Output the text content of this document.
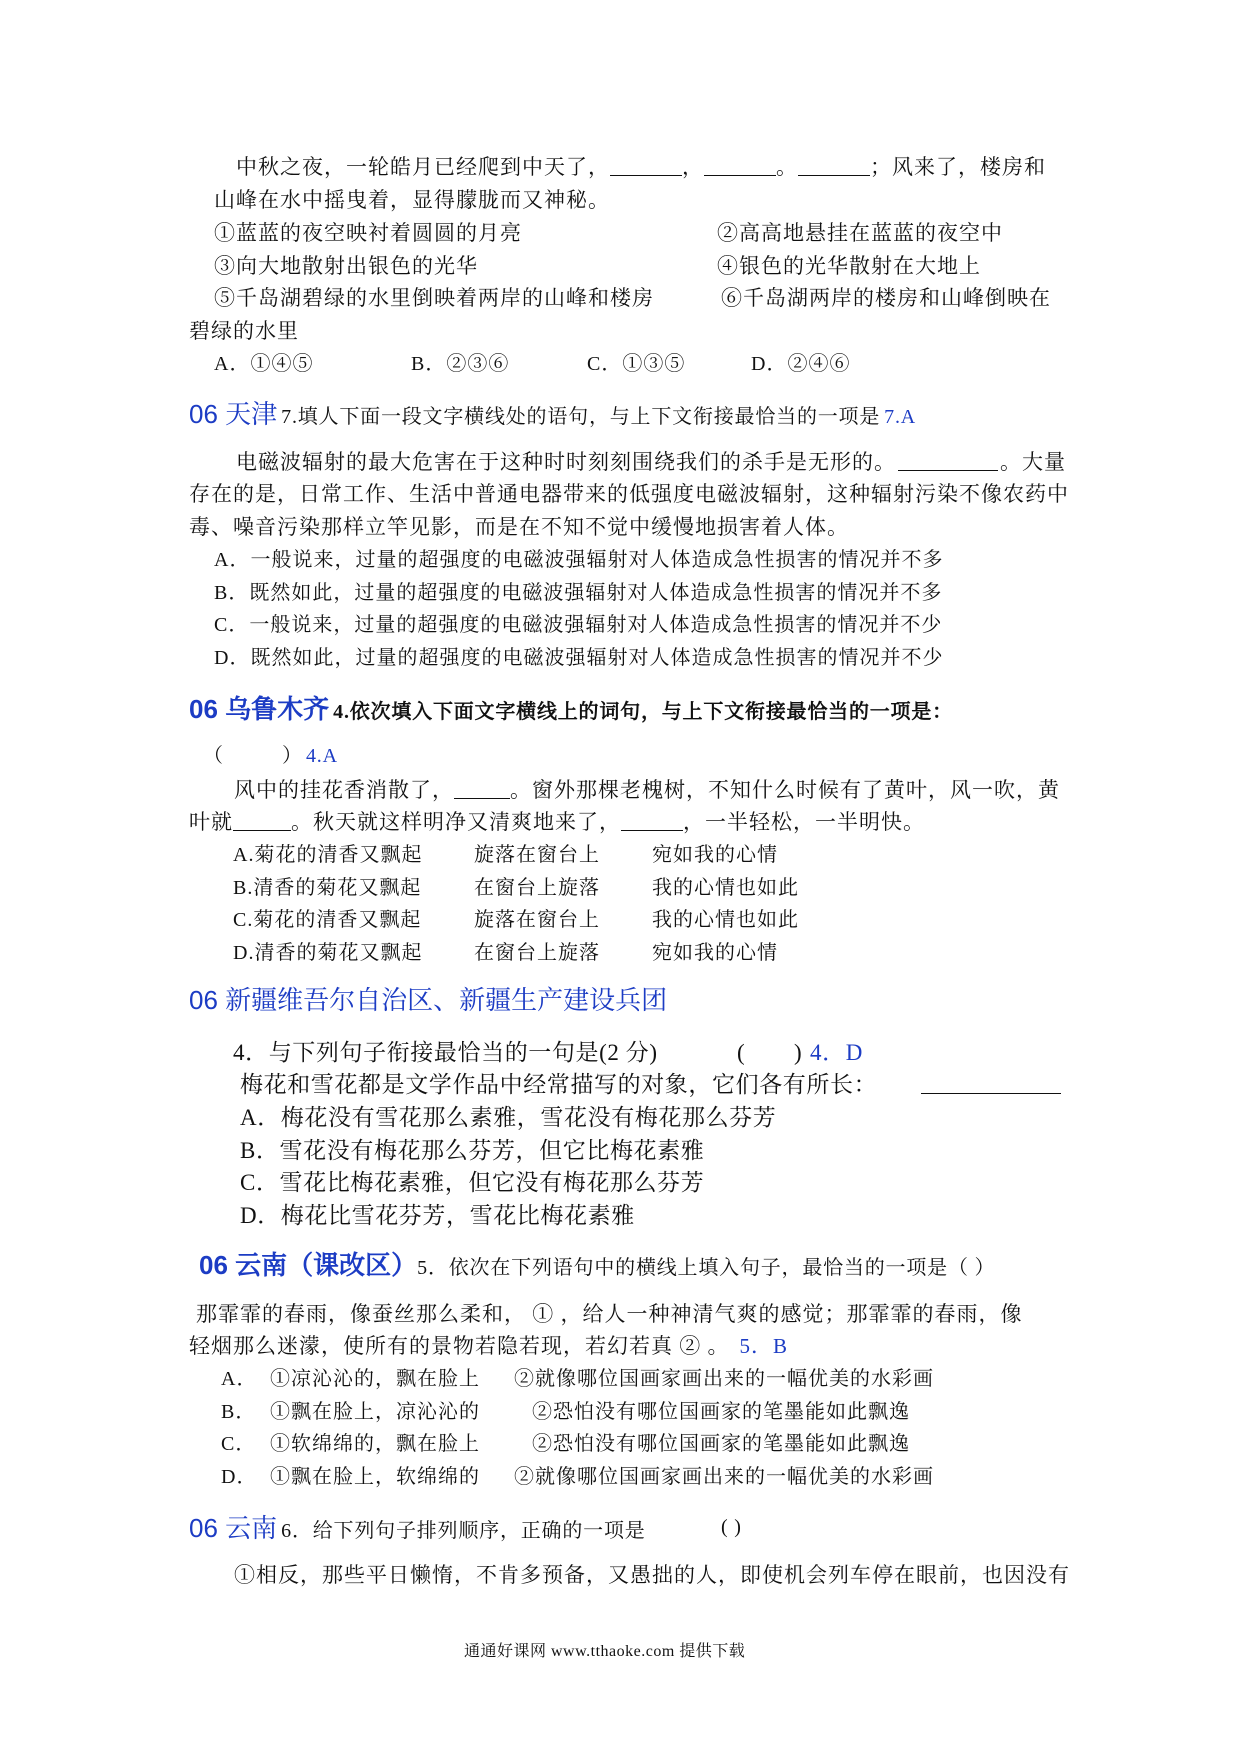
中秋之夜，一轮皓月已经爬到中天了，	，	。	；风来了，楼房和
山峰在水中摇曳着，显得朦胧而又神秘。
①蓝蓝的夜空映衬着圆圆的月亮	②高高地悬挂在蓝蓝的夜空中
③向大地散射出银色的光华	④银色的光华散射在大地上
⑤千岛湖碧绿的水里倒映着两岸的山峰和楼房	⑥千岛湖两岸的楼房和山峰倒映在
碧绿的水里
A．①④⑤	B．②③⑥	C．①③⑤	D．②④⑥
06 天津 7.填人下面一段文字横线处的语句，与上下文衔接最恰当的一项是 7.A
电磁波辐射的最大危害在于这种时时刻刻围绕我们的杀手是无形的。	。大量
存在的是，日常工作、生活中普通电器带来的低强度电磁波辐射，这种辐射污染不像农药中
毒、噪音污染那样立竿见影，而是在不知不觉中缓慢地损害着人体。
A．一般说来，过量的超强度的电磁波强辐射对人体造成急性损害的情况并不多
B．既然如此，过量的超强度的电磁波强辐射对人体造成急性损害的情况并不多
C．一般说来，过量的超强度的电磁波强辐射对人体造成急性损害的情况并不少
D．既然如此，过量的超强度的电磁波强辐射对人体造成急性损害的情况并不少
06 乌鲁木齐 4.依次填入下面文字横线上的词句，与上下文衔接最恰当的一项是：
（	） 4.A
风中的挂花香消散了，	。窗外那棵老槐树，不知什么时候有了黄叶，风一吹，黄
叶就	。秋天就这样明净又清爽地来了，	，一半轻松，一半明快。
A.菊花的清香又飘起	旋落在窗台上	宛如我的心情
B.清香的菊花又飘起	在窗台上旋落	我的心情也如此
C.菊花的清香又飘起	旋落在窗台上	我的心情也如此
D.清香的菊花又飘起	在窗台上旋落	宛如我的心情
06 新疆维吾尔自治区、新疆生产建设兵团
4．与下列句子衔接最恰当的一句是(2 分)	( ) 4．D
梅花和雪花都是文学作品中经常描写的对象，它们各有所长：
A．梅花没有雪花那么素雅，雪花没有梅花那么芬芳
B．雪花没有梅花那么芬芳，但它比梅花素雅
C．雪花比梅花素雅，但它没有梅花那么芬芳
D．梅花比雪花芬芳，雪花比梅花素雅
06 云南（课改区）5．依次在下列语句中的横线上填入句子，最恰当的一项是（ ）
那霏霏的春雨，像蚕丝那么柔和， ① ，给人一种神清气爽的感觉；那霏霏的春雨，像
轻烟那么迷濛，使所有的景物若隐若现，若幻若真 ② 。 5．B
A． ①凉沁沁的，飘在脸上 ②就像哪位国画家画出来的一幅优美的水彩画
B． ①飘在脸上，凉沁沁的	②恐怕没有哪位国画家的笔墨能如此飘逸
C． ①软绵绵的，飘在脸上	②恐怕没有哪位国画家的笔墨能如此飘逸
D． ①飘在脸上，软绵绵的 ②就像哪位国画家画出来的一幅优美的水彩画
06 云南 6．给下列句子排列顺序，正确的一项是	( )
①相反，那些平日懒惰，不肯多预备，又愚拙的人，即使机会列车停在眼前，也因没有
通通好课网 www.tthaoke.com 提供下载
